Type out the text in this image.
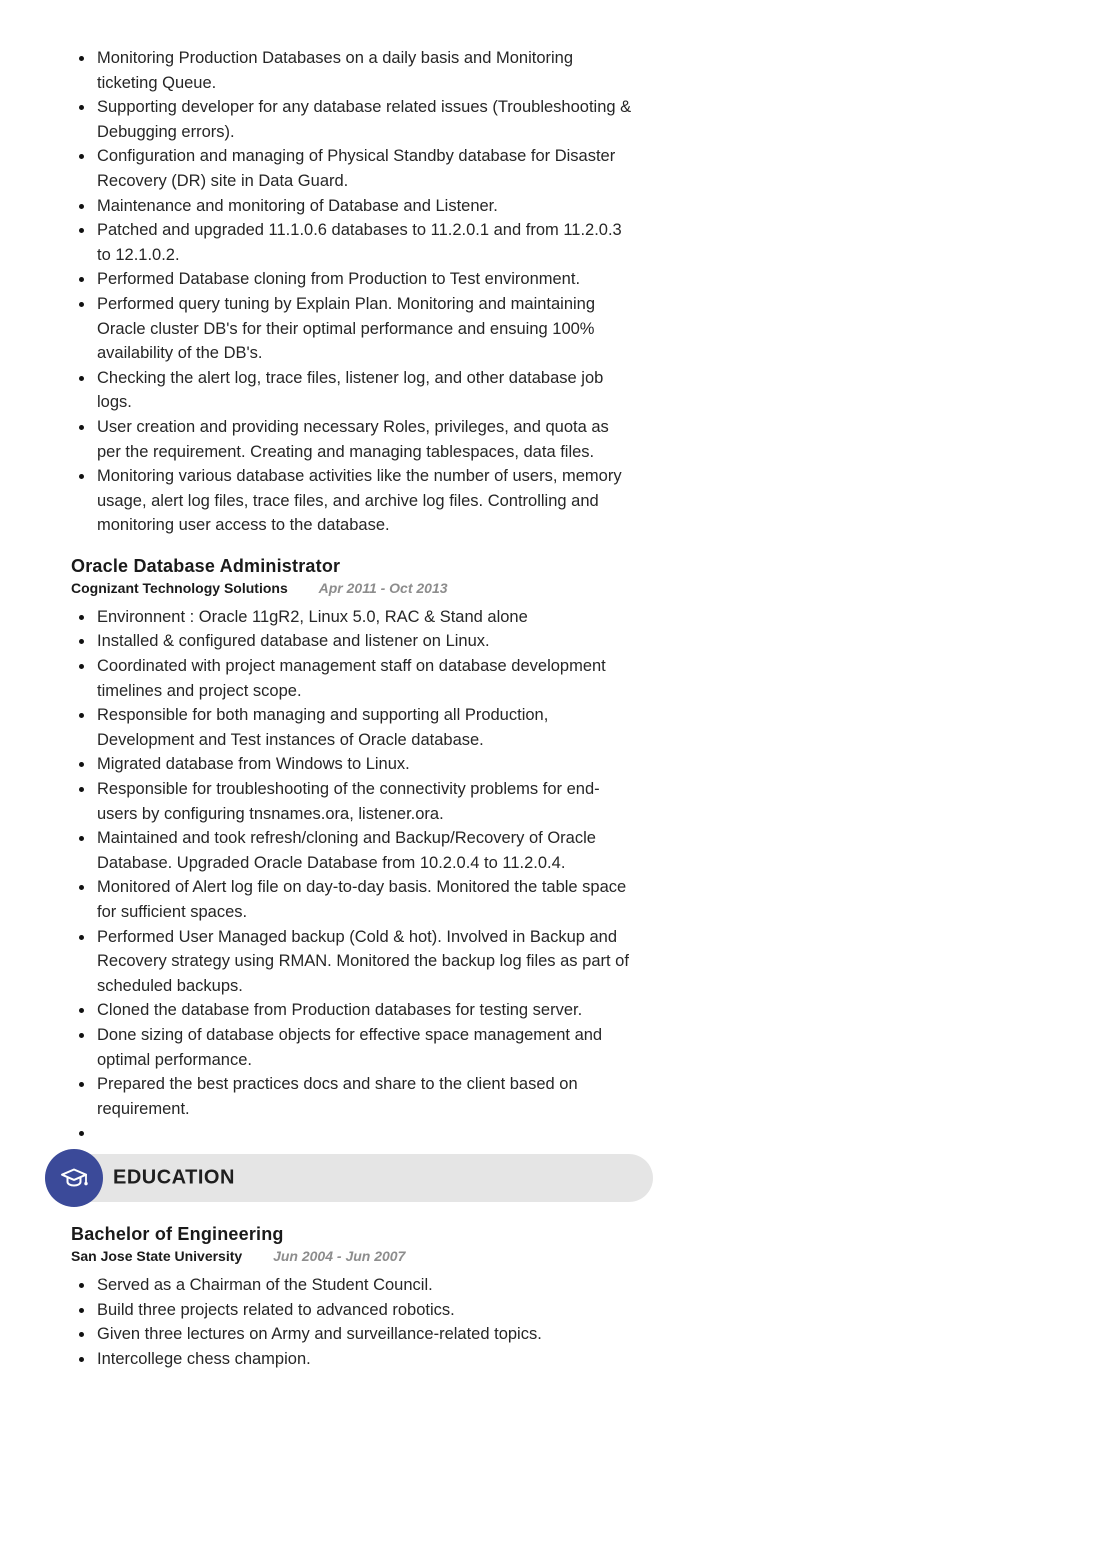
• Monitoring Production Databases on a daily basis and Monitoring ticketing Queue.
• Supporting developer for any database related issues (Troubleshooting & Debugging errors).
• Configuration and managing of Physical Standby database for Disaster Recovery (DR) site in Data Guard.
• Maintenance and monitoring of Database and Listener.
• Patched and upgraded 11.1.0.6 databases to 11.2.0.1 and from 11.2.0.3 to 12.1.0.2.
• Performed Database cloning from Production to Test environment.
• Performed query tuning by Explain Plan. Monitoring and maintaining Oracle cluster DB's for their optimal performance and ensuing 100% availability of the DB's.
• Checking the alert log, trace files, listener log, and other database job logs.
• User creation and providing necessary Roles, privileges, and quota as per the requirement. Creating and managing tablespaces, data files.
• Monitoring various database activities like the number of users, memory usage, alert log files, trace files, and archive log files. Controlling and monitoring user access to the database.
Oracle Database Administrator
Cognizant Technology Solutions Apr 2011 - Oct 2013
• Environnent : Oracle 11gR2, Linux 5.0, RAC & Stand alone
• Installed & configured database and listener on Linux.
• Coordinated with project management staff on database development timelines and project scope.
• Responsible for both managing and supporting all Production, Development and Test instances of Oracle database.
• Migrated database from Windows to Linux.
• Responsible for troubleshooting of the connectivity problems for end-users by configuring tnsnames.ora, listener.ora.
• Maintained and took refresh/cloning and Backup/Recovery of Oracle Database. Upgraded Oracle Database from 10.2.0.4 to 11.2.0.4.
• Monitored of Alert log file on day-to-day basis. Monitored the table space for sufficient spaces.
• Performed User Managed backup (Cold & hot). Involved in Backup and Recovery strategy using RMAN. Monitored the backup log files as part of scheduled backups.
• Cloned the database from Production databases for testing server.
• Done sizing of database objects for effective space management and optimal performance.
• Prepared the best practices docs and share to the client based on requirement.
•
EDUCATION
Bachelor of Engineering
San Jose State University Jun 2004 - Jun 2007
• Served as a Chairman of the Student Council.
• Build three projects related to advanced robotics.
• Given three lectures on Army and surveillance-related topics.
• Intercollege chess champion.
